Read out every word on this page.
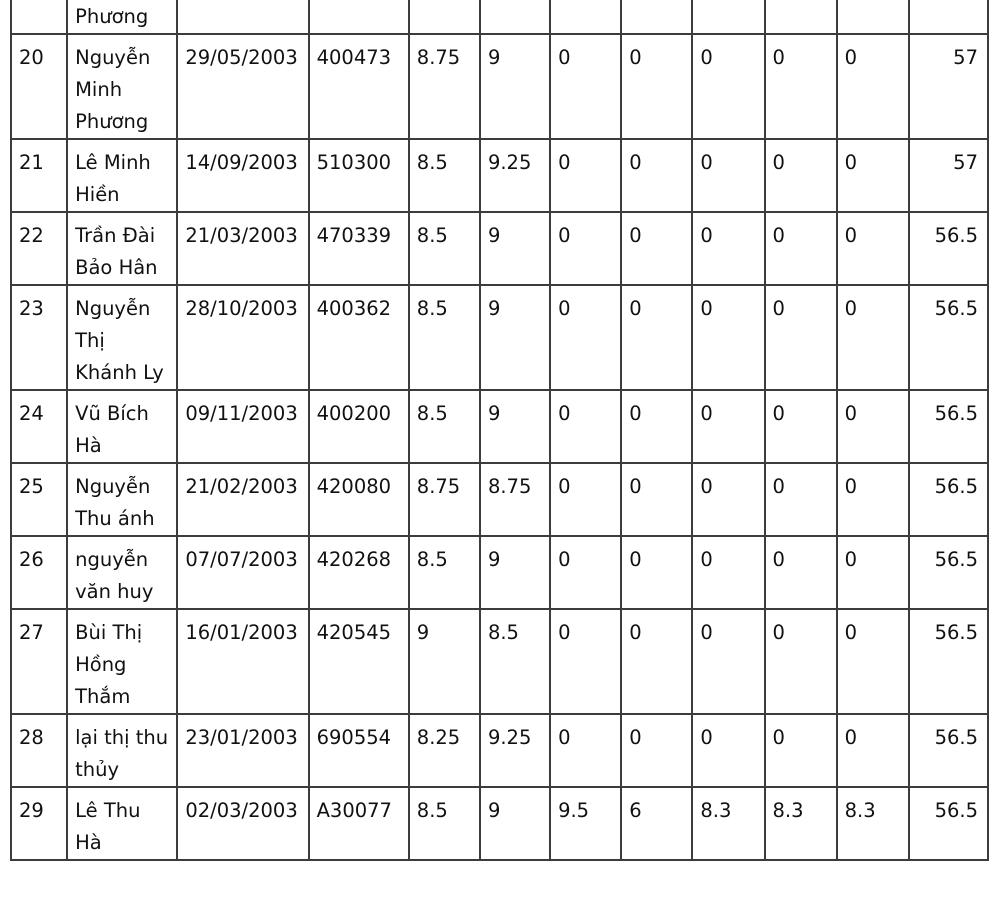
	Phương										
20	Nguyễn Minh Phương	29/05/2003	400473	8.75	9	0	0	0	0	0	57
21	Lê Minh Hiền	14/09/2003	510300	8.5	9.25	0	0	0	0	0	57
22	Trần Đài Bảo Hân	21/03/2003	470339	8.5	9	0	0	0	0	0	56.5
23	Nguyễn Thị Khánh Ly	28/10/2003	400362	8.5	9	0	0	0	0	0	56.5
24	Vũ Bích Hà	09/11/2003	400200	8.5	9	0	0	0	0	0	56.5
25	Nguyễn Thu ánh	21/02/2003	420080	8.75	8.75	0	0	0	0	0	56.5
26	nguyễn văn huy	07/07/2003	420268	8.5	9	0	0	0	0	0	56.5
27	Bùi Thị Hồng Thắm	16/01/2003	420545	9	8.5	0	0	0	0	0	56.5
28	lại thị thu thủy	23/01/2003	690554	8.25	9.25	0	0	0	0	0	56.5
29	Lê Thu Hà	02/03/2003	A30077	8.5	9	9.5	6	8.3	8.3	8.3	56.5
